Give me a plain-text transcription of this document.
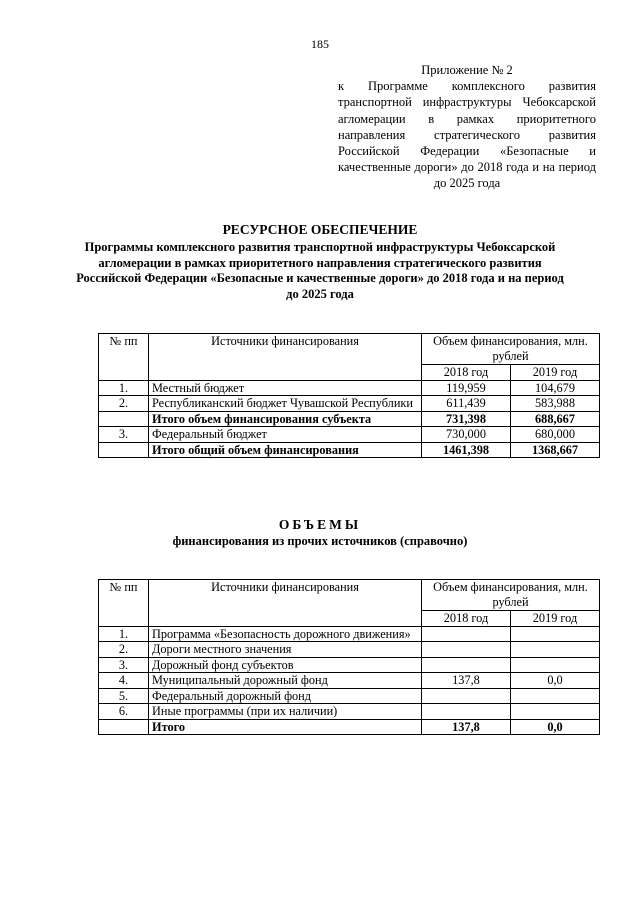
185
Приложение № 2
к Программе комплексного развития транспортной инфраструктуры Чебоксарской агломерации в рамках приоритетного направления стратегического развития Российской Федерации «Безопасные и качественные дороги» до 2018 года и на период до 2025 года
РЕСУРСНОЕ ОБЕСПЕЧЕНИЕ
Программы комплексного развития транспортной инфраструктуры Чебоксарской агломерации в рамках приоритетного направления стратегического развития Российской Федерации «Безопасные и качественные дороги» до 2018 года и на период до 2025 года
№ пп	Источники финансирования	Объем финансирования, млн. рублей	
		2018 год	2019 год
1.	Местный бюджет	119,959	104,679
2.	Республиканский бюджет Чувашской Республики	611,439	583,988
	Итого объем финансирования субъекта	731,398	688,667
3.	Федеральный бюджет	730,000	680,000
	Итого общий объем финансирования	1461,398	1368,667
ОБЪЕМЫ
финансирования из прочих источников (справочно)
№ пп	Источники финансирования	Объем финансирования, млн. рублей	
		2018 год	2019 год
1.	Программа «Безопасность дорожного движения»		
2.	Дороги местного значения		
3.	Дорожный фонд субъектов		
4.	Муниципальный дорожный фонд	137,8	0,0
5.	Федеральный дорожный фонд		
6.	Иные программы (при их наличии)		
	Итого	137,8	0,0
